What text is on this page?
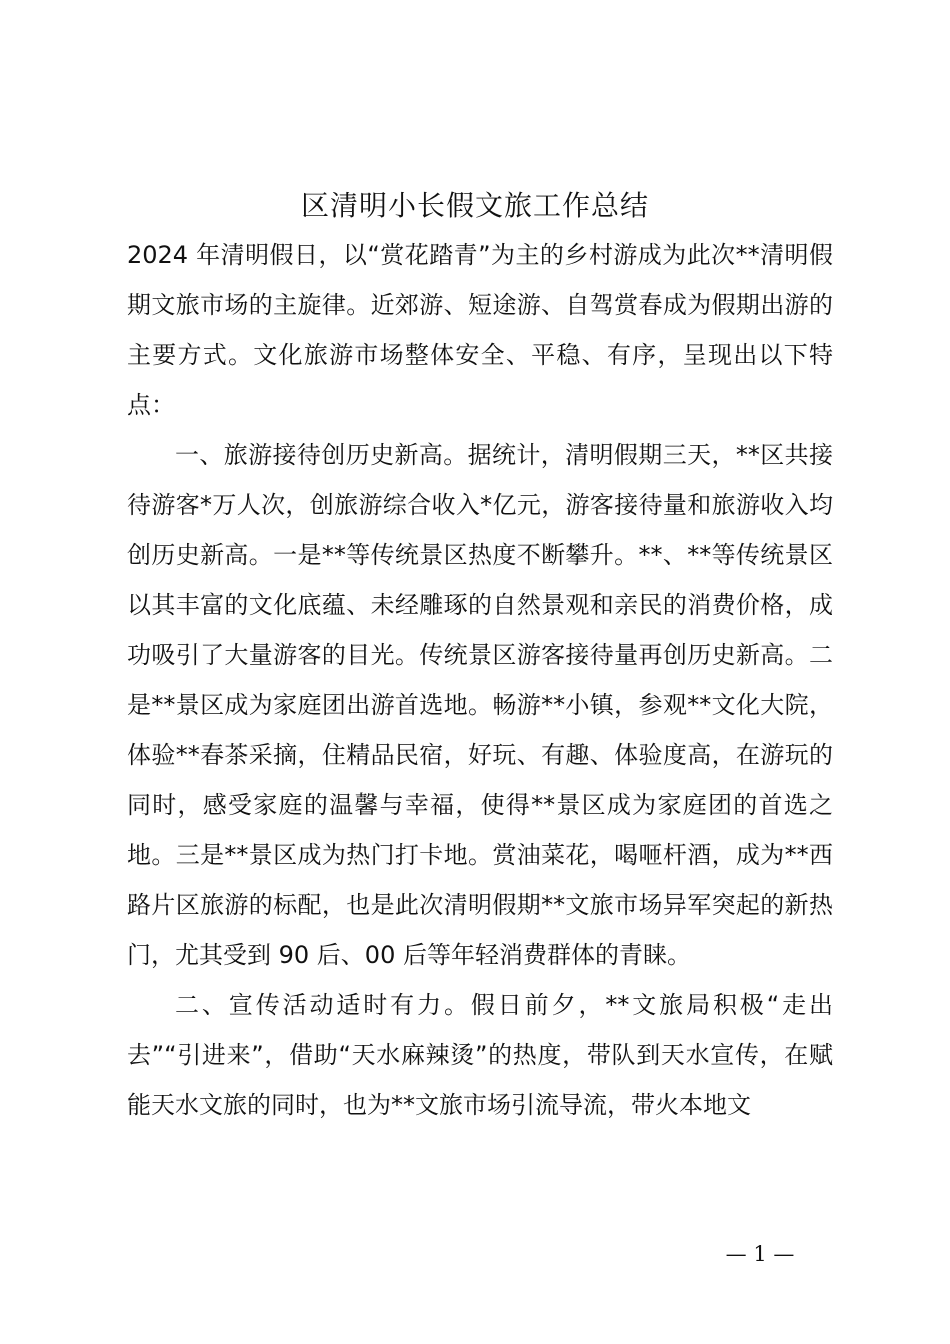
区清明小长假文旅工作总结

2024 年清明假日，以“赏花踏青”为主的乡村游成为此次**清明假期文旅市场的主旋律。近郊游、短途游、自驾赏春成为假期出游的主要方式。文化旅游市场整体安全、平稳、有序，呈现出以下特点：

一、旅游接待创历史新高。据统计，清明假期三天，**区共接待游客*万人次，创旅游综合收入*亿元，游客接待量和旅游收入均创历史新高。一是**等传统景区热度不断攀升。**、**等传统景区以其丰富的文化底蕴、未经雕琢的自然景观和亲民的消费价格，成功吸引了大量游客的目光。传统景区游客接待量再创历史新高。二是**景区成为家庭团出游首选地。畅游**小镇，参观**文化大院，体验**春茶采摘，住精品民宿，好玩、有趣、体验度高，在游玩的同时，感受家庭的温馨与幸福，使得**景区成为家庭团的首选之地。三是**景区成为热门打卡地。赏油菜花，喝咂杆酒，成为**西路片区旅游的标配，也是此次清明假期**文旅市场异军突起的新热门，尤其受到 90 后、00 后等年轻消费群体的青睐。

二、宣传活动适时有力。假日前夕，**文旅局积极“走出去”“引进来”，借助“天水麻辣烫”的热度，带队到天水宣传，在赋能天水文旅的同时，也为**文旅市场引流导流，带火本地文

— 1 —
